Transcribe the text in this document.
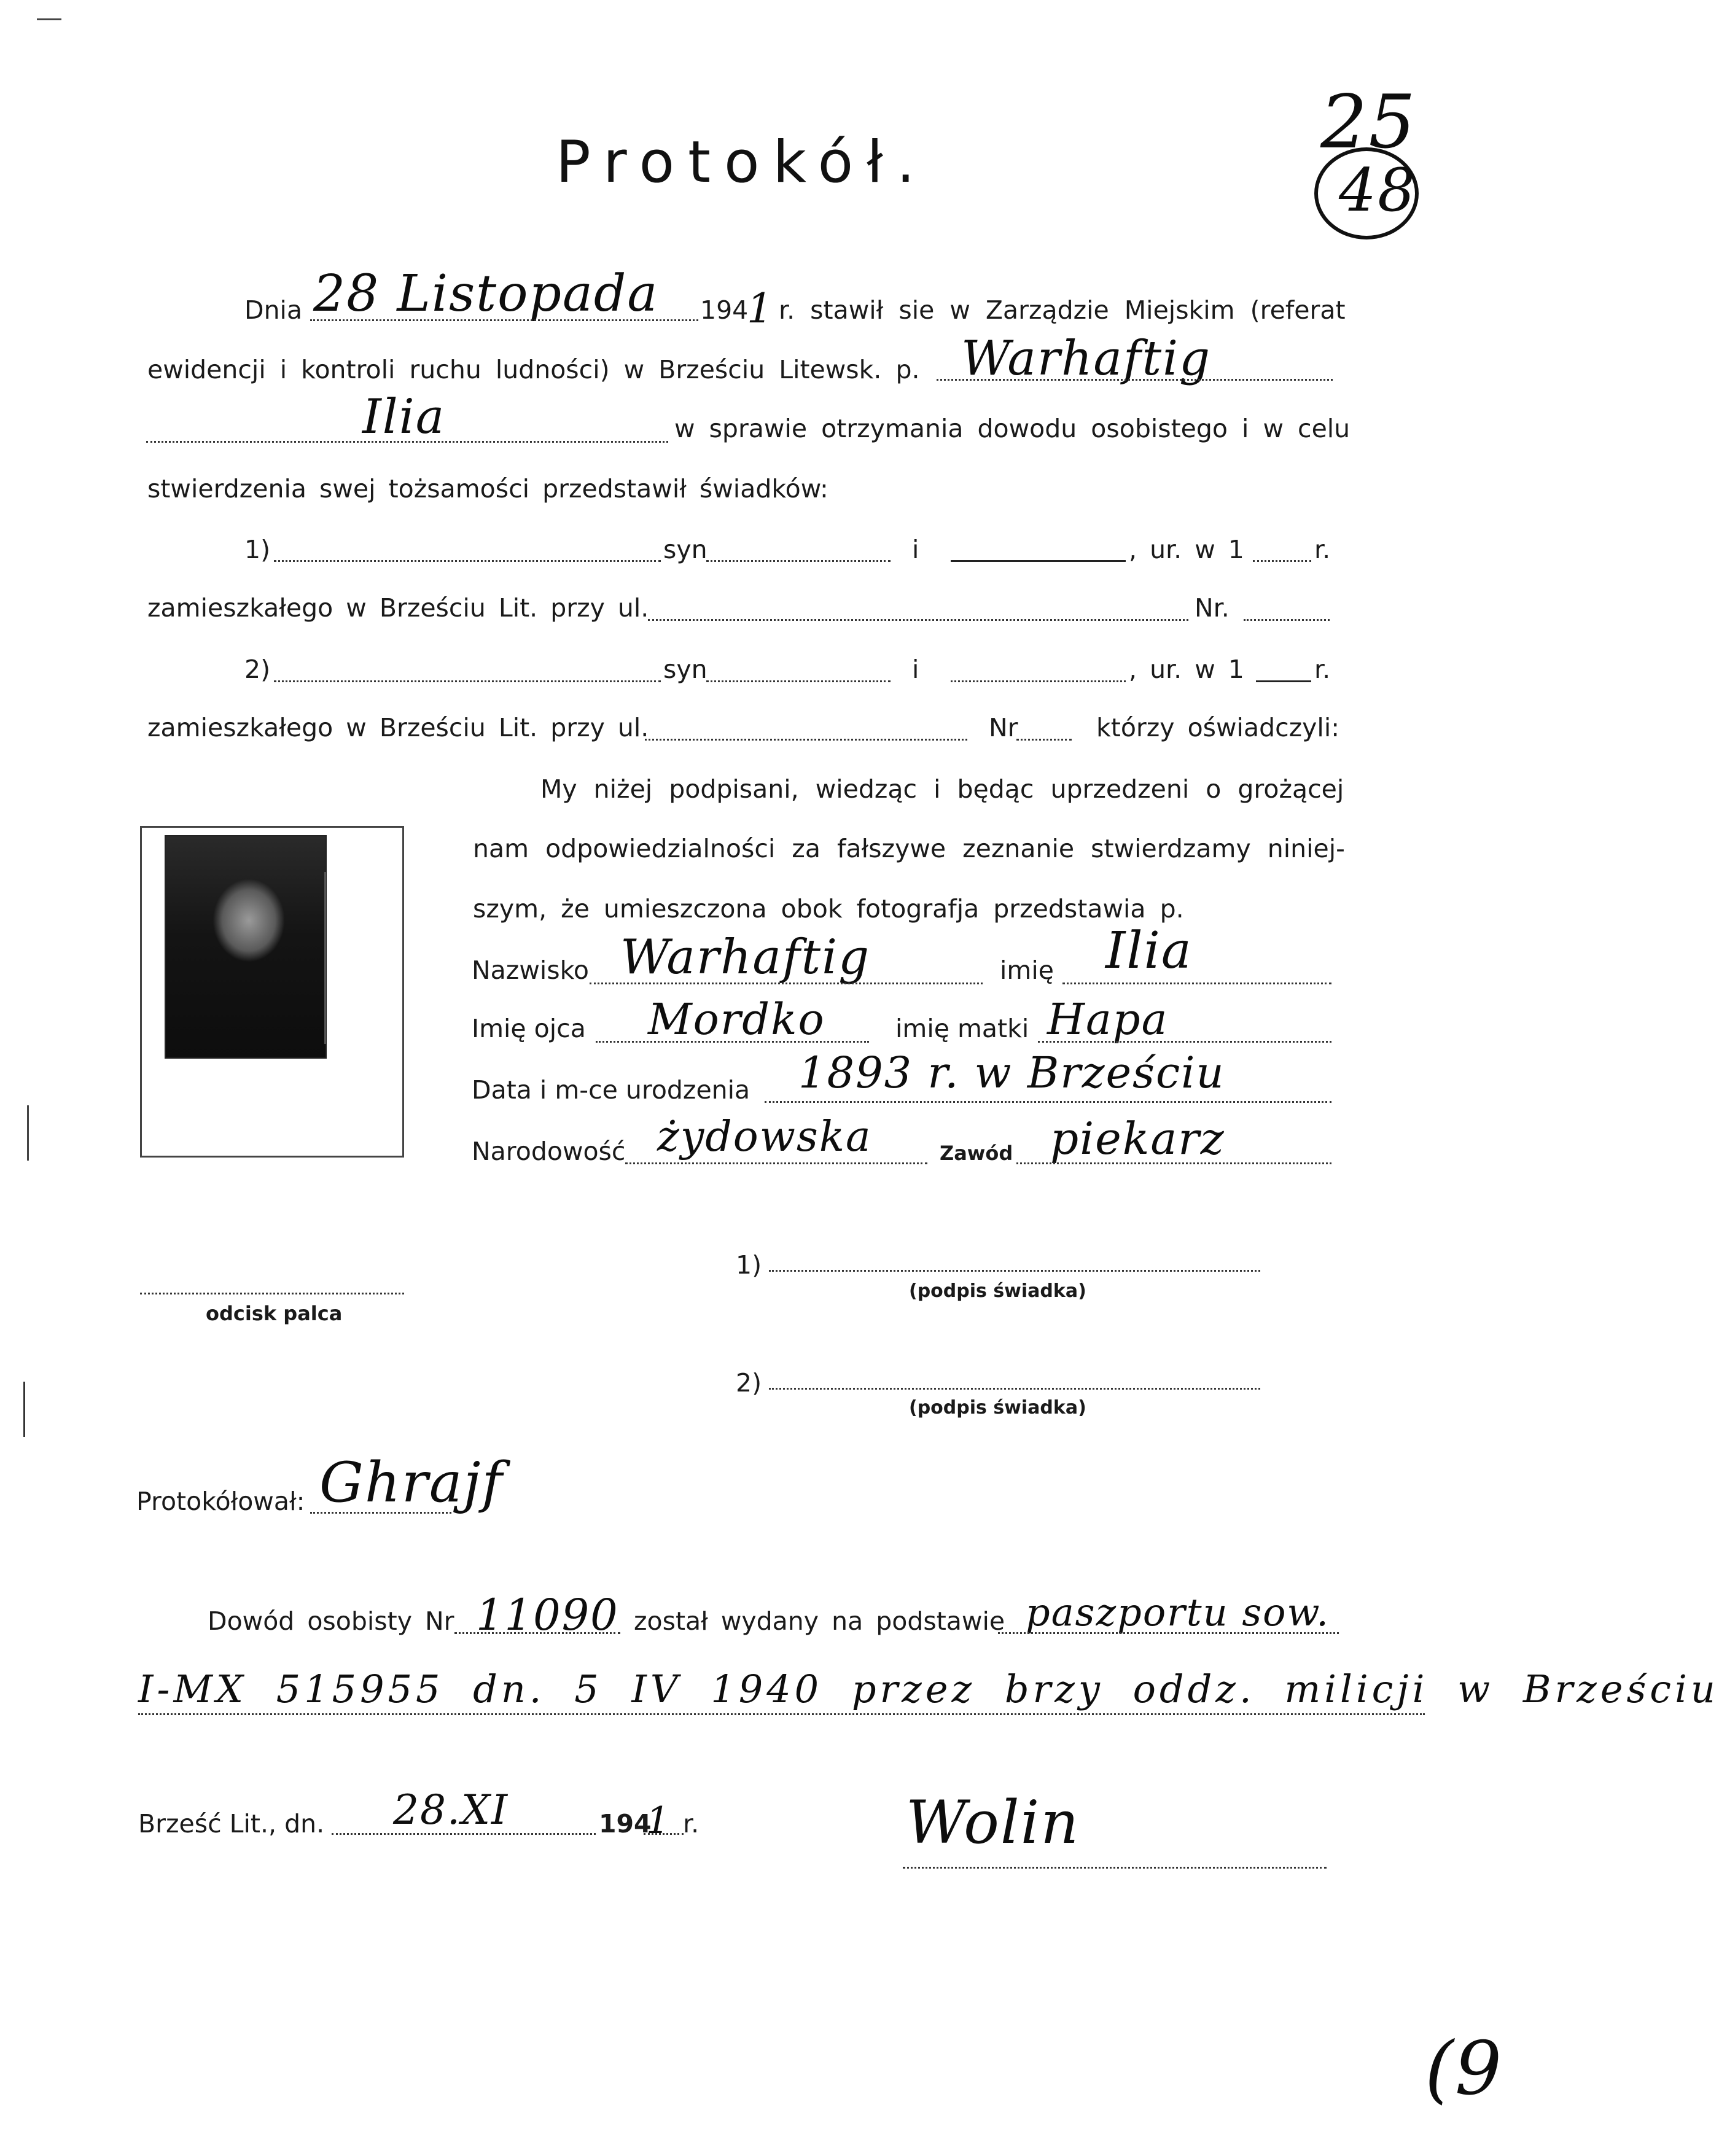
25
48
Protokół.
Dnia 28 Listopada 194
1 r. stawił sie w Zarządzie Miejskim (referat
ewidencji i kontroli ruchu ludności) w Brześciu Litewsk. p. Warhaftig
Ilia	w sprawie otrzymania dowodu osobistego i w celu
stwierdzenia swej tożsamości przedstawił świadków:
1)	syn	i	, ur. w 1	r.
zamieszkałego w Brześciu Lit. przy ul.	Nr.
2)	syn	i	, ur. w 1	r.
zamieszkałego w Brześciu Lit. przy ul.	Nr	którzy oświadczyli:
My niżej podpisani, wiedząc i będąc uprzedzeni o grożącej
nam odpowiedzialności za fałszywe zeznanie stwierdzamy niniej-
szym, że umieszczona obok fotografja przedstawia p.
Nazwisko Warhaftig	imię Ilia
Imię ojca Mordko	imię matki Hapa
Data i m-ce urodzenia 1893 r. w Brześciu
Narodowość żydowska	Zawód piekarz
odcisk palca
1)
(podpis świadka)
2)
(podpis świadka)
Protokółował: Ghrajf
Dowód osobisty Nr 11090 został wydany na podstawie paszportu sow.
I-MX 515955 dn. 5 IV 1940 przez brzy oddz. milicji w Brześciu
Brześć Lit., dn. 28.XI	194
1 r.	Wolin
(9
